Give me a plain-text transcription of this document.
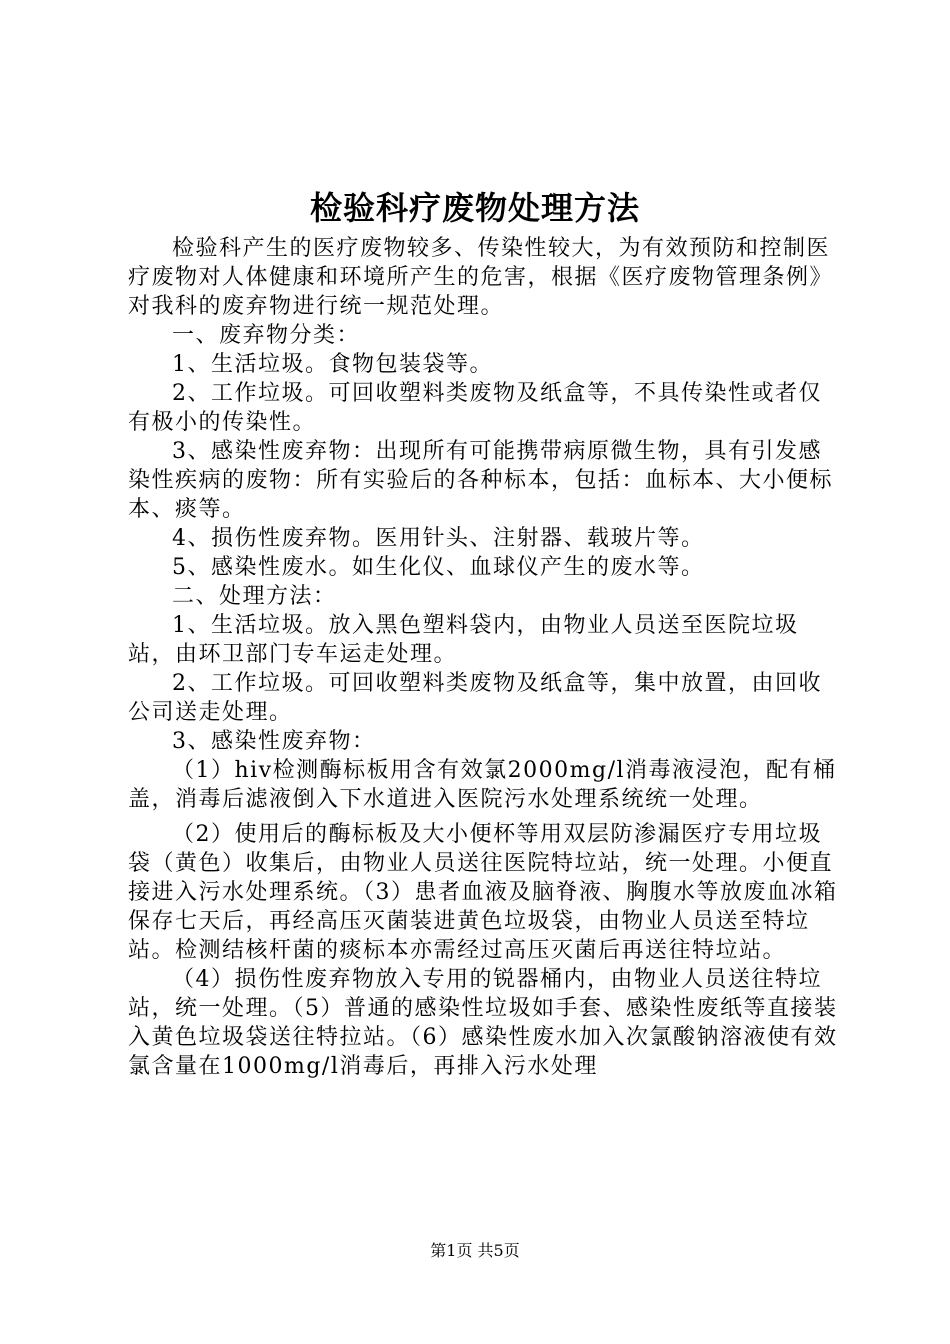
检验科疗废物处理方法

检验科产生的医疗废物较多、传染性较大，为有效预防和控制医疗废物对人体健康和环境所产生的危害，根据《医疗废物管理条例》对我科的废弃物进行统一规范处理。

一、废弃物分类：

1、生活垃圾。食物包装袋等。

2、工作垃圾。可回收塑料类废物及纸盒等，不具传染性或者仅有极小的传染性。

3、感染性废弃物：出现所有可能携带病原微生物，具有引发感染性疾病的废物：所有实验后的各种标本，包括：血标本、大小便标本、痰等。

4、损伤性废弃物。医用针头、注射器、载玻片等。

5、感染性废水。如生化仪、血球仪产生的废水等。

二、处理方法：

1、生活垃圾。放入黑色塑料袋内，由物业人员送至医院垃圾站，由环卫部门专车运走处理。

2、工作垃圾。可回收塑料类废物及纸盒等，集中放置，由回收公司送走处理。

3、感染性废弃物：

（1）hiv检测酶标板用含有效氯2000mg/l消毒液浸泡，配有桶盖，消毒后滤液倒入下水道进入医院污水处理系统统一处理。

（2）使用后的酶标板及大小便杯等用双层防渗漏医疗专用垃圾袋（黄色）收集后，由物业人员送往医院特垃站，统一处理。小便直接进入污水处理系统。（3）患者血液及脑脊液、胸腹水等放废血冰箱保存七天后，再经高压灭菌装进黄色垃圾袋，由物业人员送至特垃站。检测结核杆菌的痰标本亦需经过高压灭菌后再送往特垃站。

（4）损伤性废弃物放入专用的锐器桶内，由物业人员送往特垃站，统一处理。（5）普通的感染性垃圾如手套、感染性废纸等直接装入黄色垃圾袋送往特拉站。（6）感染性废水加入次氯酸钠溶液使有效氯含量在1000mg/l消毒后，再排入污水处理

第1页 共5页
